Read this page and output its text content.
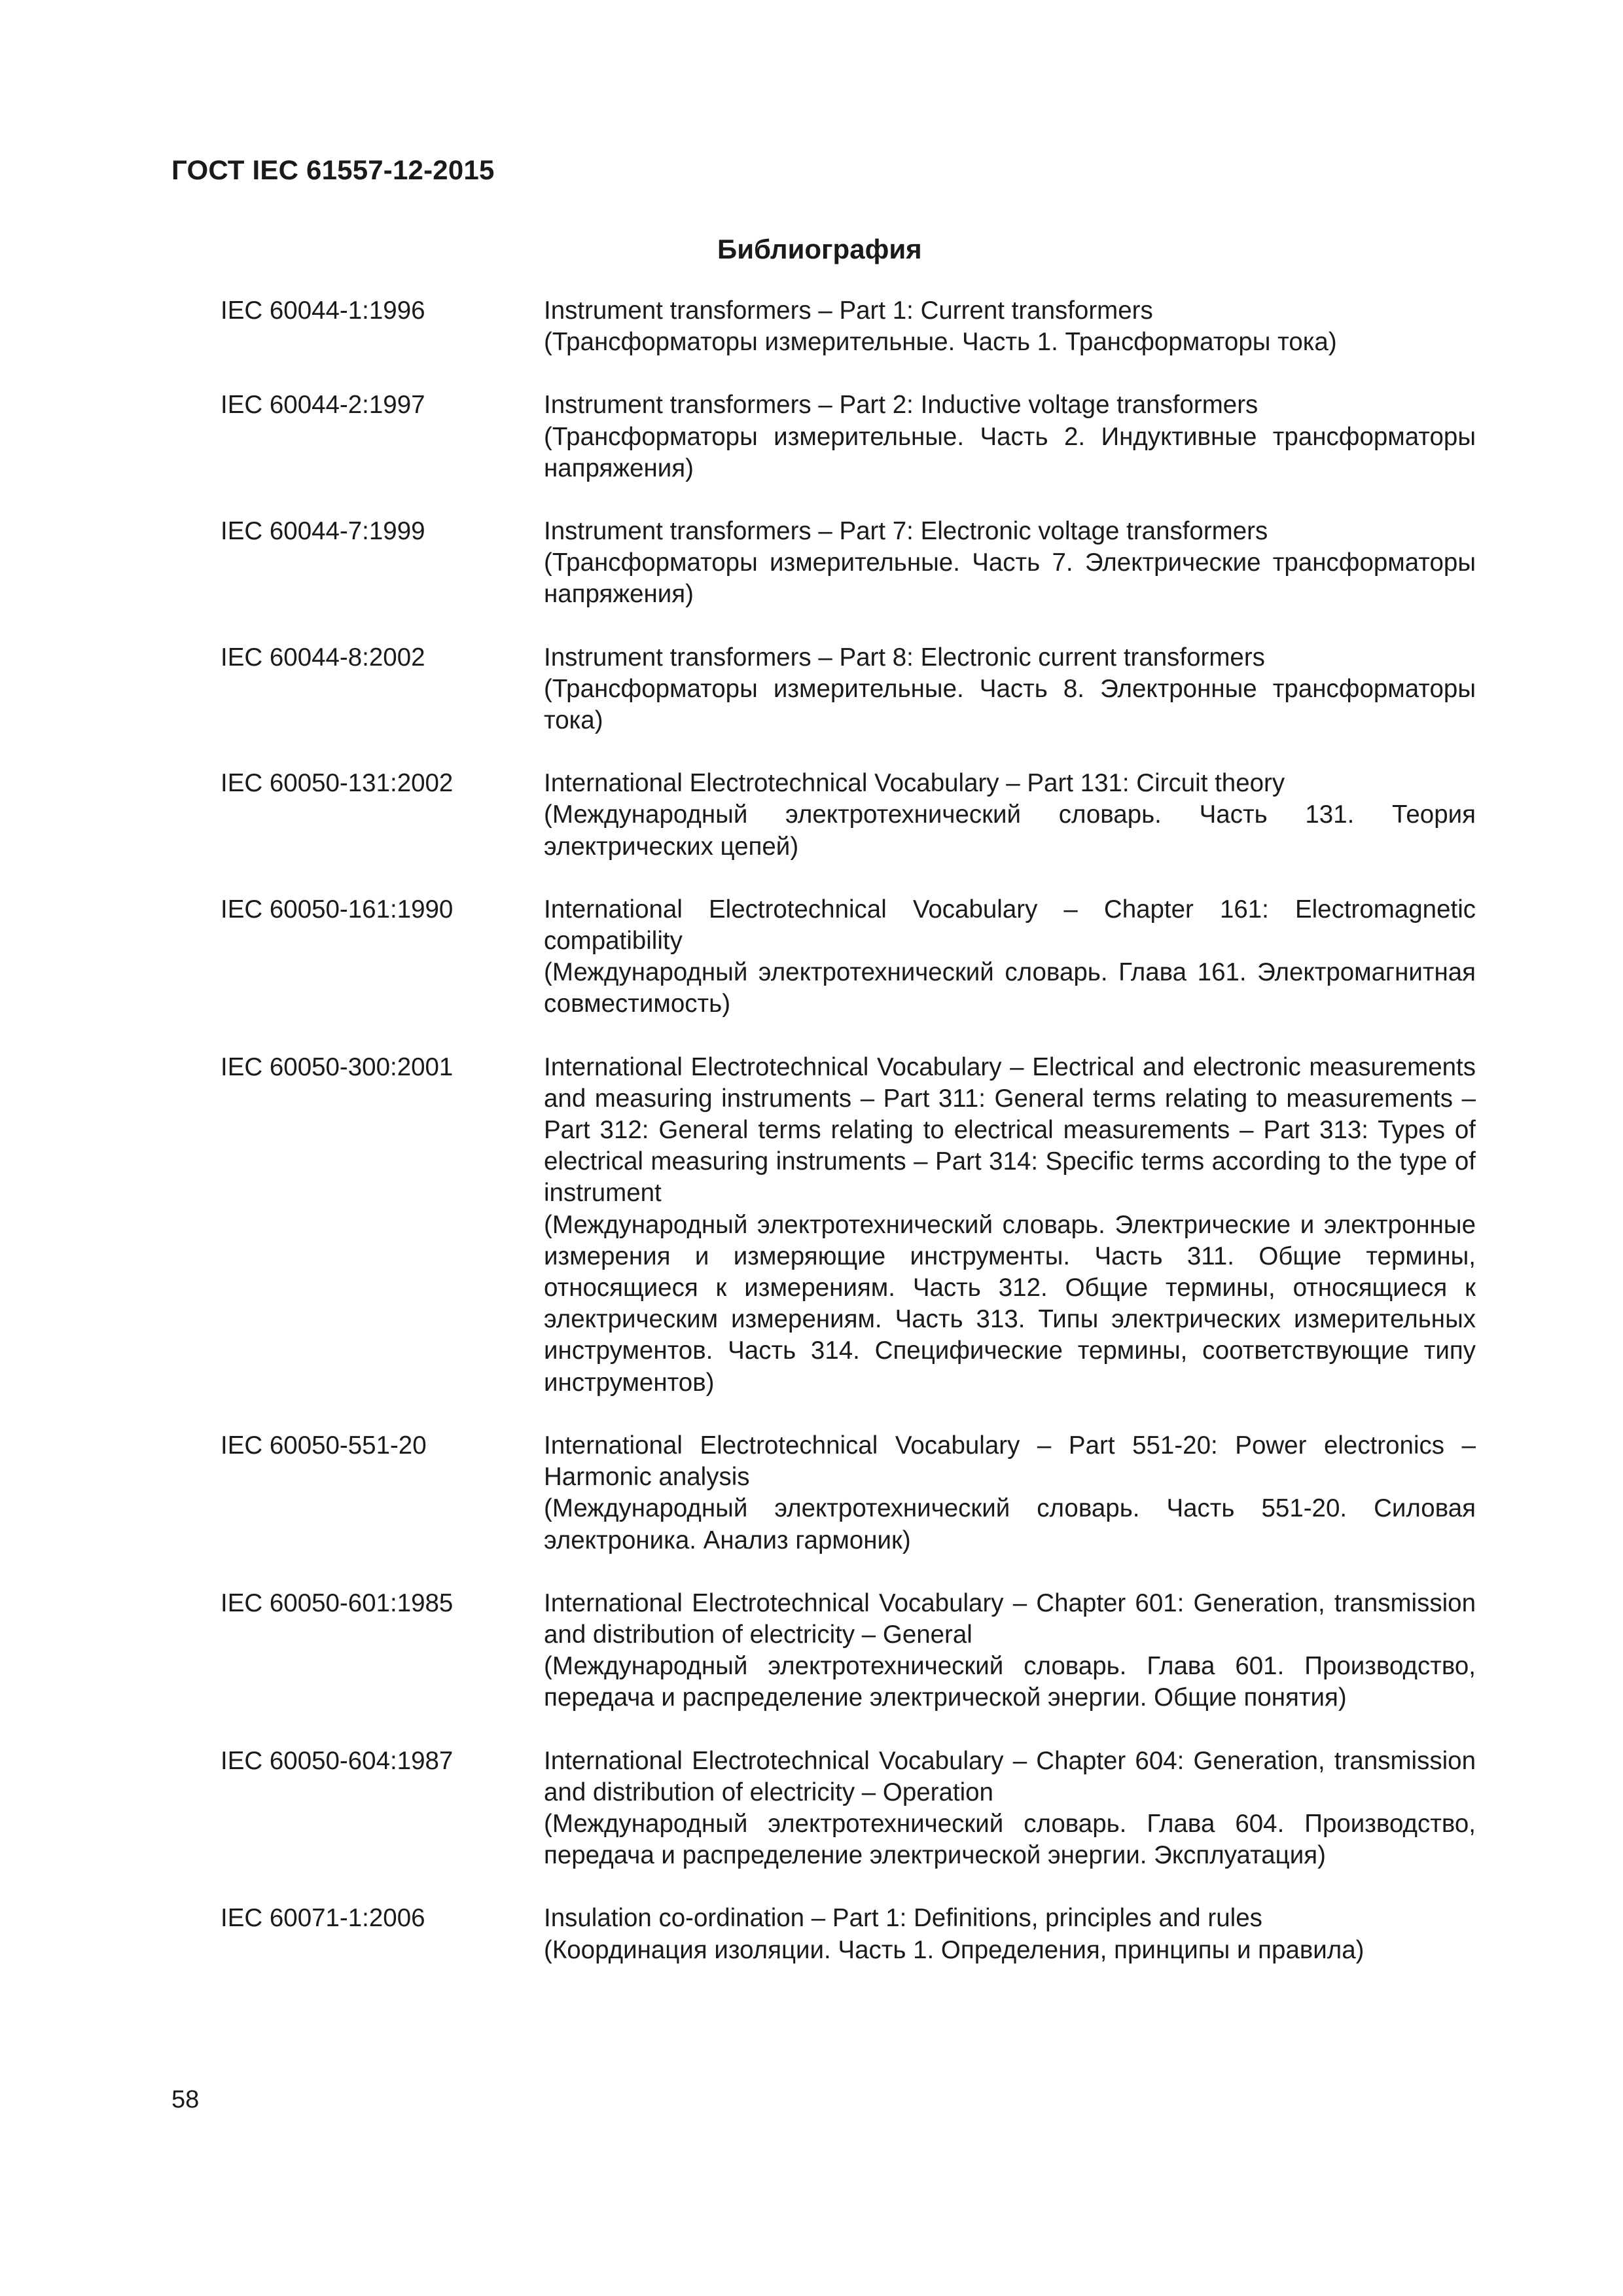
ГОСТ IEC 61557-12-2015
Библиография
IEC 60044-1:1996	Instrument transformers – Part 1: Current transformers
(Трансформаторы измерительные. Часть 1. Трансформаторы тока)
IEC 60044-2:1997	Instrument transformers – Part 2: Inductive voltage transformers
(Трансформаторы измерительные. Часть 2. Индуктивные трансформаторы напряжения)
IEC 60044-7:1999	Instrument transformers – Part 7: Electronic voltage transformers
(Трансформаторы измерительные. Часть 7. Электрические трансформаторы напряжения)
IEC 60044-8:2002	Instrument transformers – Part 8: Electronic current transformers
(Трансформаторы измерительные. Часть 8. Электронные трансформаторы тока)
IEC 60050-131:2002	International Electrotechnical Vocabulary – Part 131: Circuit theory
(Международный электротехнический словарь. Часть 131. Теория электрических цепей)
IEC 60050-161:1990	International Electrotechnical Vocabulary – Chapter 161: Electromagnetic compatibility
(Международный электротехнический словарь. Глава 161. Электромагнитная совместимость)
IEC 60050-300:2001	International Electrotechnical Vocabulary – Electrical and electronic measurements and measuring instruments – Part 311: General terms relating to measurements – Part 312: General terms relating to electrical measurements – Part 313: Types of electrical measuring instruments – Part 314: Specific terms according to the type of instrument
(Международный электротехнический словарь. Электрические и электронные измерения и измеряющие инструменты. Часть 311. Общие термины, относящиеся к измерениям. Часть 312. Общие термины, относящиеся к электрическим измерениям. Часть 313. Типы электрических измерительных инструментов. Часть 314. Специфические термины, соответствующие типу инструментов)
IEC 60050-551-20	International Electrotechnical Vocabulary – Part 551-20: Power electronics – Harmonic analysis
(Международный электротехнический словарь. Часть 551-20. Силовая электроника. Анализ гармоник)
IEC 60050-601:1985	International Electrotechnical Vocabulary – Chapter 601: Generation, transmission and distribution of electricity – General
(Международный электротехнический словарь. Глава 601. Производство, передача и распределение электрической энергии. Общие понятия)
IEC 60050-604:1987	International Electrotechnical Vocabulary – Chapter 604: Generation, transmission and distribution of electricity – Operation
(Международный электротехнический словарь. Глава 604. Производство, передача и распределение электрической энергии. Эксплуатация)
IEC 60071-1:2006	Insulation co-ordination – Part 1: Definitions, principles and rules
(Координация изоляции. Часть 1. Определения, принципы и правила)
58
